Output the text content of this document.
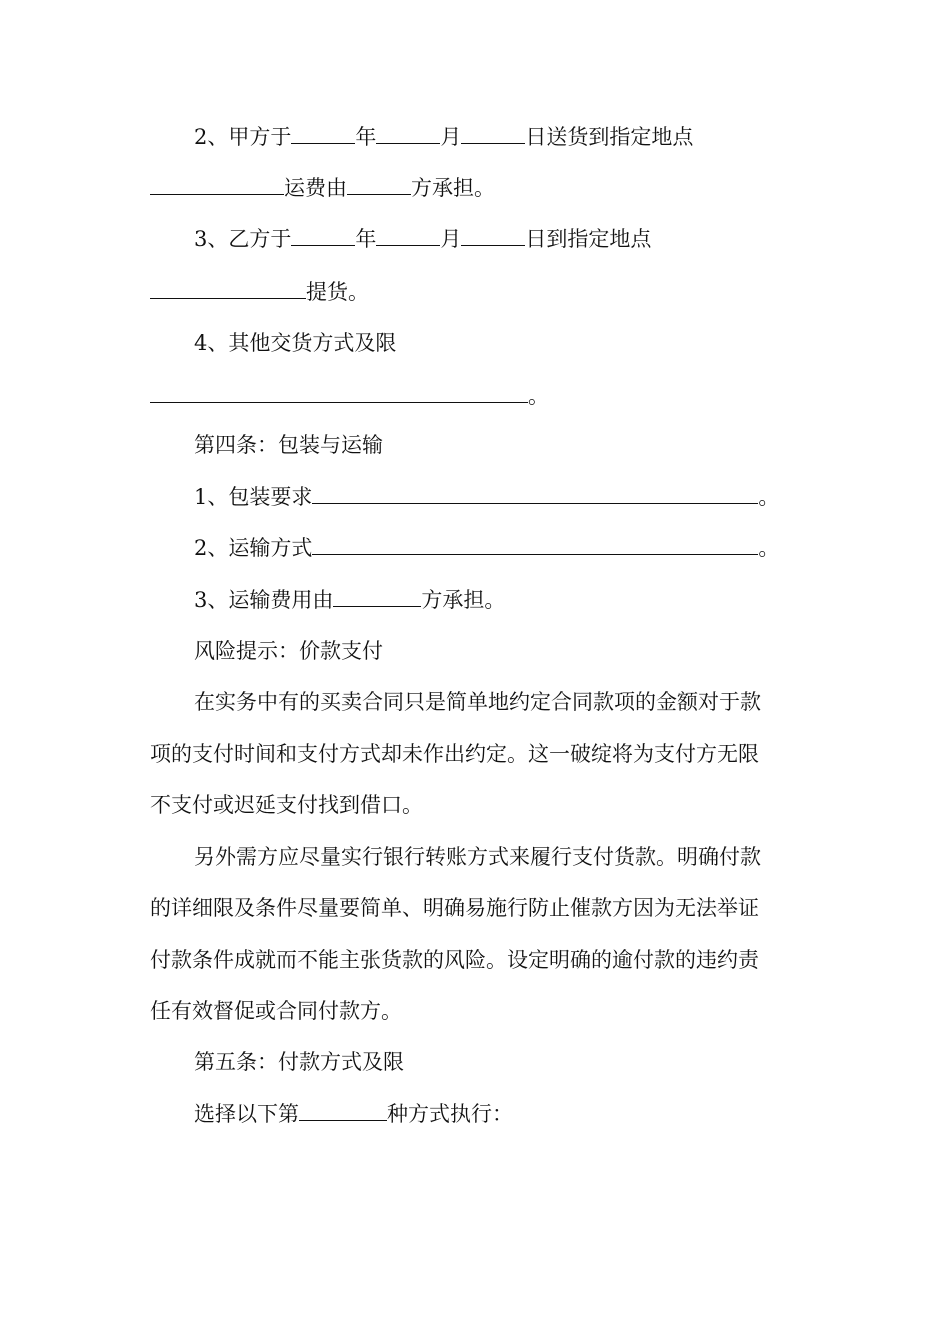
2、甲方于	年	月	日送货到指定地点
运费由	方承担。
3、乙方于	年	月	日到指定地点
提货。
4、其他交货方式及限
。
第四条：包装与运输
1、包装要求	。
2、运输方式	。
3、运输费用由	方承担。
风险提示：价款支付
在实务中有的买卖合同只是简单地约定合同款项的金额对于款
项的支付时间和支付方式却未作出约定。这一破绽将为支付方无限
不支付或迟延支付找到借口。
另外需方应尽量实行银行转账方式来履行支付货款。明确付款
的详细限及条件尽量要简单、明确易施行防止催款方因为无法举证
付款条件成就而不能主张货款的风险。设定明确的逾付款的违约责
任有效督促或合同付款方。
第五条：付款方式及限
选择以下第	种方式执行：
